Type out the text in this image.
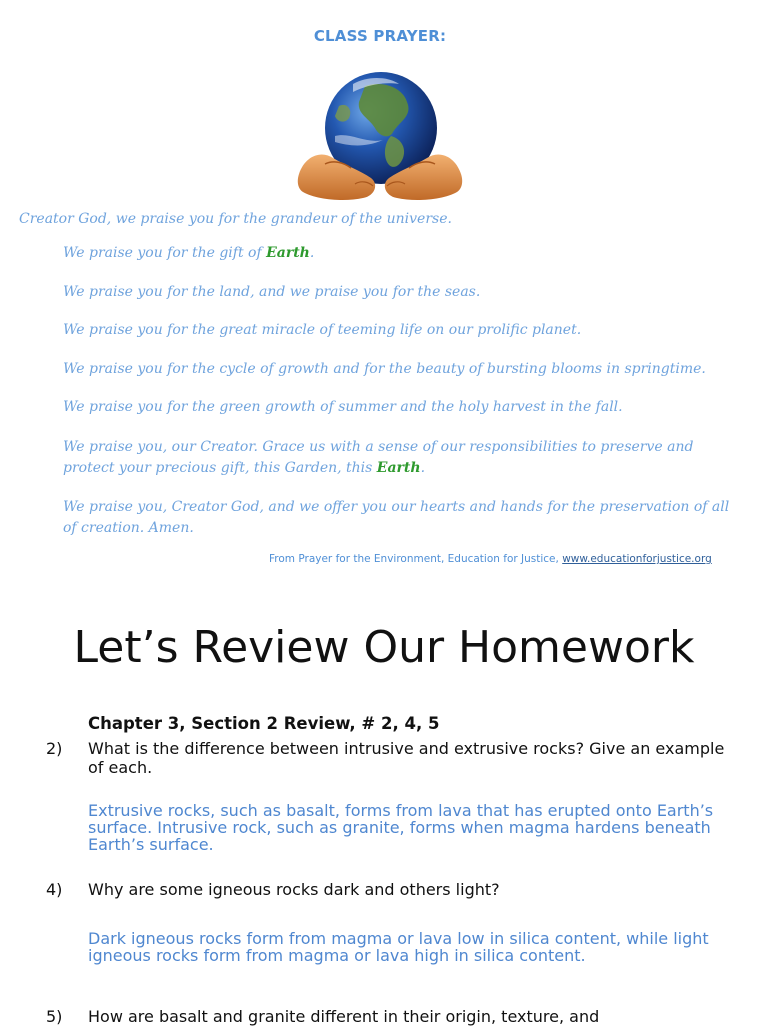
CLASS PRAYER:
Creator God, we praise you for the grandeur of the universe.
We praise you for the gift of Earth.
We praise you for the land, and we praise you for the seas.
We praise you for the great miracle of teeming life on our prolific planet.
We praise you for the cycle of growth and for the beauty of bursting blooms in springtime.
We praise you for the green growth of summer and the holy harvest in the fall.
We praise you, our Creator. Grace us with a sense of our responsibilities to preserve and protect your precious gift, this Garden, this Earth.
We praise you, Creator God, and we offer you our hearts and hands for the preservation of all of creation. Amen.
From Prayer for the Environment, Education for Justice, www.educationforjustice.org
Let’s Review Our Homework
Chapter 3, Section 2 Review, # 2, 4, 5
2) What is the difference between intrusive and extrusive rocks? Give an example of each.
Extrusive rocks, such as basalt, forms from lava that has erupted onto Earth’s surface. Intrusive rock, such as granite, forms when magma hardens beneath Earth’s surface.
4) Why are some igneous rocks dark and others light?
Dark igneous rocks form from magma or lava low in silica content, while light igneous rocks form from magma or lava high in silica content.
5) How are basalt and granite different in their origin, texture, and
